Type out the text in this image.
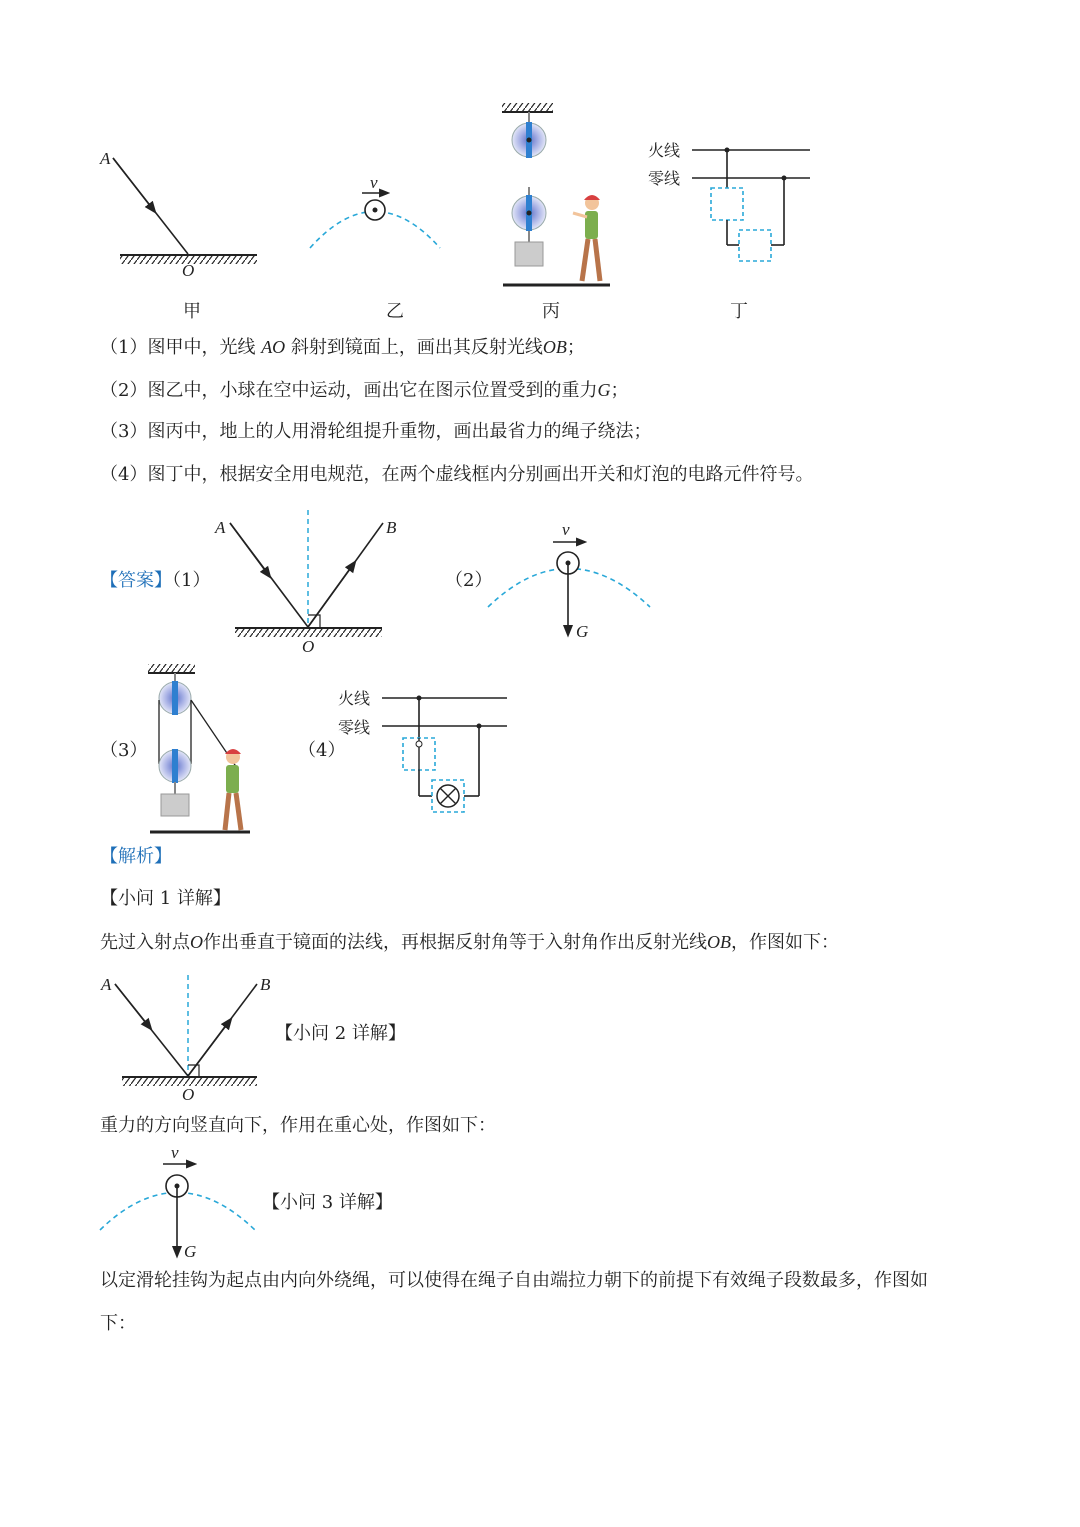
A
O
甲
v
乙	丙
火线
零线
丁
（1）图甲中，光线 AO 斜射到镜面上，画出其反射光线OB；
（2）图乙中，小球在空中运动，画出它在图示位置受到的重力G；
（3）图丙中，地上的人用滑轮组提升重物，画出最省力的绳子绕法；
（4）图丁中，根据安全用电规范，在两个虚线框内分别画出开关和灯泡的电路元件符号。
【答案】（1）
A	B
O
（2）
v
G
（3）	（4）
火线
零线
【解析】
【小问 1 详解】
先过入射点O作出垂直于镜面的法线，再根据反射角等于入射角作出反射光线OB，作图如下：
A	B
O
【小问 2 详解】
重力的方向竖直向下，作用在重心处，作图如下：
v
G
【小问 3 详解】
以定滑轮挂钩为起点由内向外绕绳，可以使得在绳子自由端拉力朝下的前提下有效绳子段数最多，作图如
下：
